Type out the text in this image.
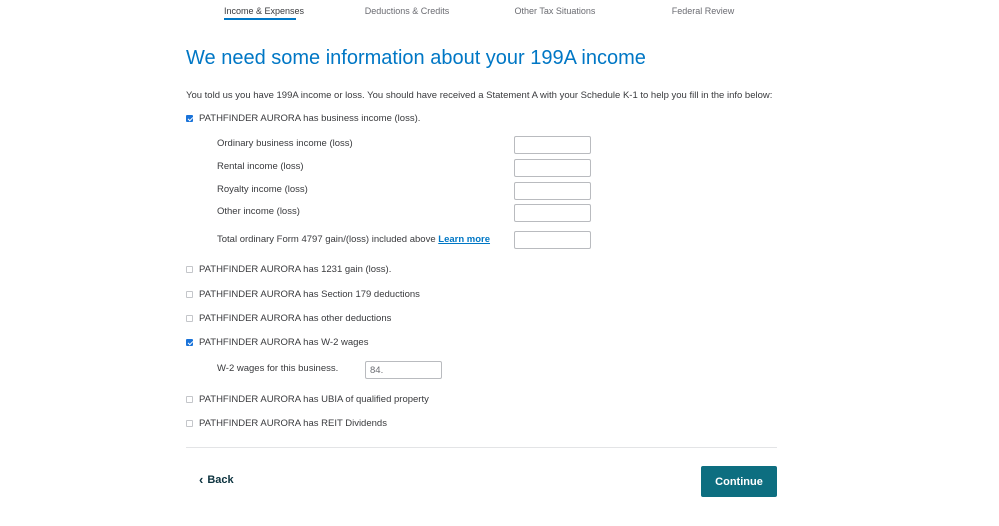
Income & Expenses	Deductions & Credits	Other Tax Situations	Federal Review
We need some information about your 199A income

You told us you have 199A income or loss. You should have received a Statement A with your Schedule K-1 to help you fill in the info below:

PATHFINDER AURORA has business income (loss).
Ordinary business income (loss)
Rental income (loss)
Royalty income (loss)
Other income (loss)
Total ordinary Form 4797 gain/(loss) included above Learn more
PATHFINDER AURORA has 1231 gain (loss).
PATHFINDER AURORA has Section 179 deductions
PATHFINDER AURORA has other deductions
PATHFINDER AURORA has W-2 wages
W-2 wages for this business.
84.
PATHFINDER AURORA has UBIA of qualified property
PATHFINDER AURORA has REIT Dividends
‹ Back	Continue
